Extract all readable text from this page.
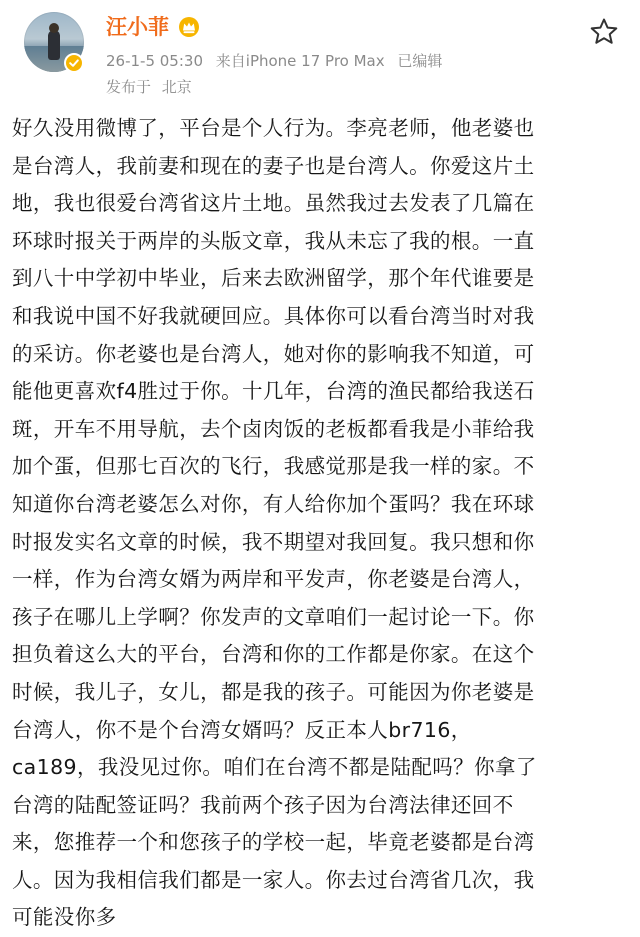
汪小菲
26-1-5 05:30 来自iPhone 17 Pro Max 已编辑
发布于 北京
好久没用微博了，平台是个人行为。李亮老师，他老婆也
是台湾人，我前妻和现在的妻子也是台湾人。你爱这片土
地，我也很爱台湾省这片土地。虽然我过去发表了几篇在
环球时报关于两岸的头版文章，我从未忘了我的根。一直
到八十中学初中毕业，后来去欧洲留学，那个年代谁要是
和我说中国不好我就硬回应。具体你可以看台湾当时对我
的采访。你老婆也是台湾人，她对你的影响我不知道，可
能他更喜欢f4胜过于你。十几年，台湾的渔民都给我送石
斑，开车不用导航，去个卤肉饭的老板都看我是小菲给我
加个蛋，但那七百次的飞行，我感觉那是我一样的家。不
知道你台湾老婆怎么对你，有人给你加个蛋吗？我在环球
时报发实名文章的时候，我不期望对我回复。我只想和你
一样，作为台湾女婿为两岸和平发声，你老婆是台湾人，
孩子在哪儿上学啊？你发声的文章咱们一起讨论一下。你
担负着这么大的平台，台湾和你的工作都是你家。在这个
时候，我儿子，女儿，都是我的孩子。可能因为你老婆是
台湾人，你不是个台湾女婿吗？反正本人br716，
ca189，我没见过你。咱们在台湾不都是陆配吗？你拿了
台湾的陆配签证吗？我前两个孩子因为台湾法律还回不
来，您推荐一个和您孩子的学校一起，毕竟老婆都是台湾
人。因为我相信我们都是一家人。你去过台湾省几次，我
可能没你多
